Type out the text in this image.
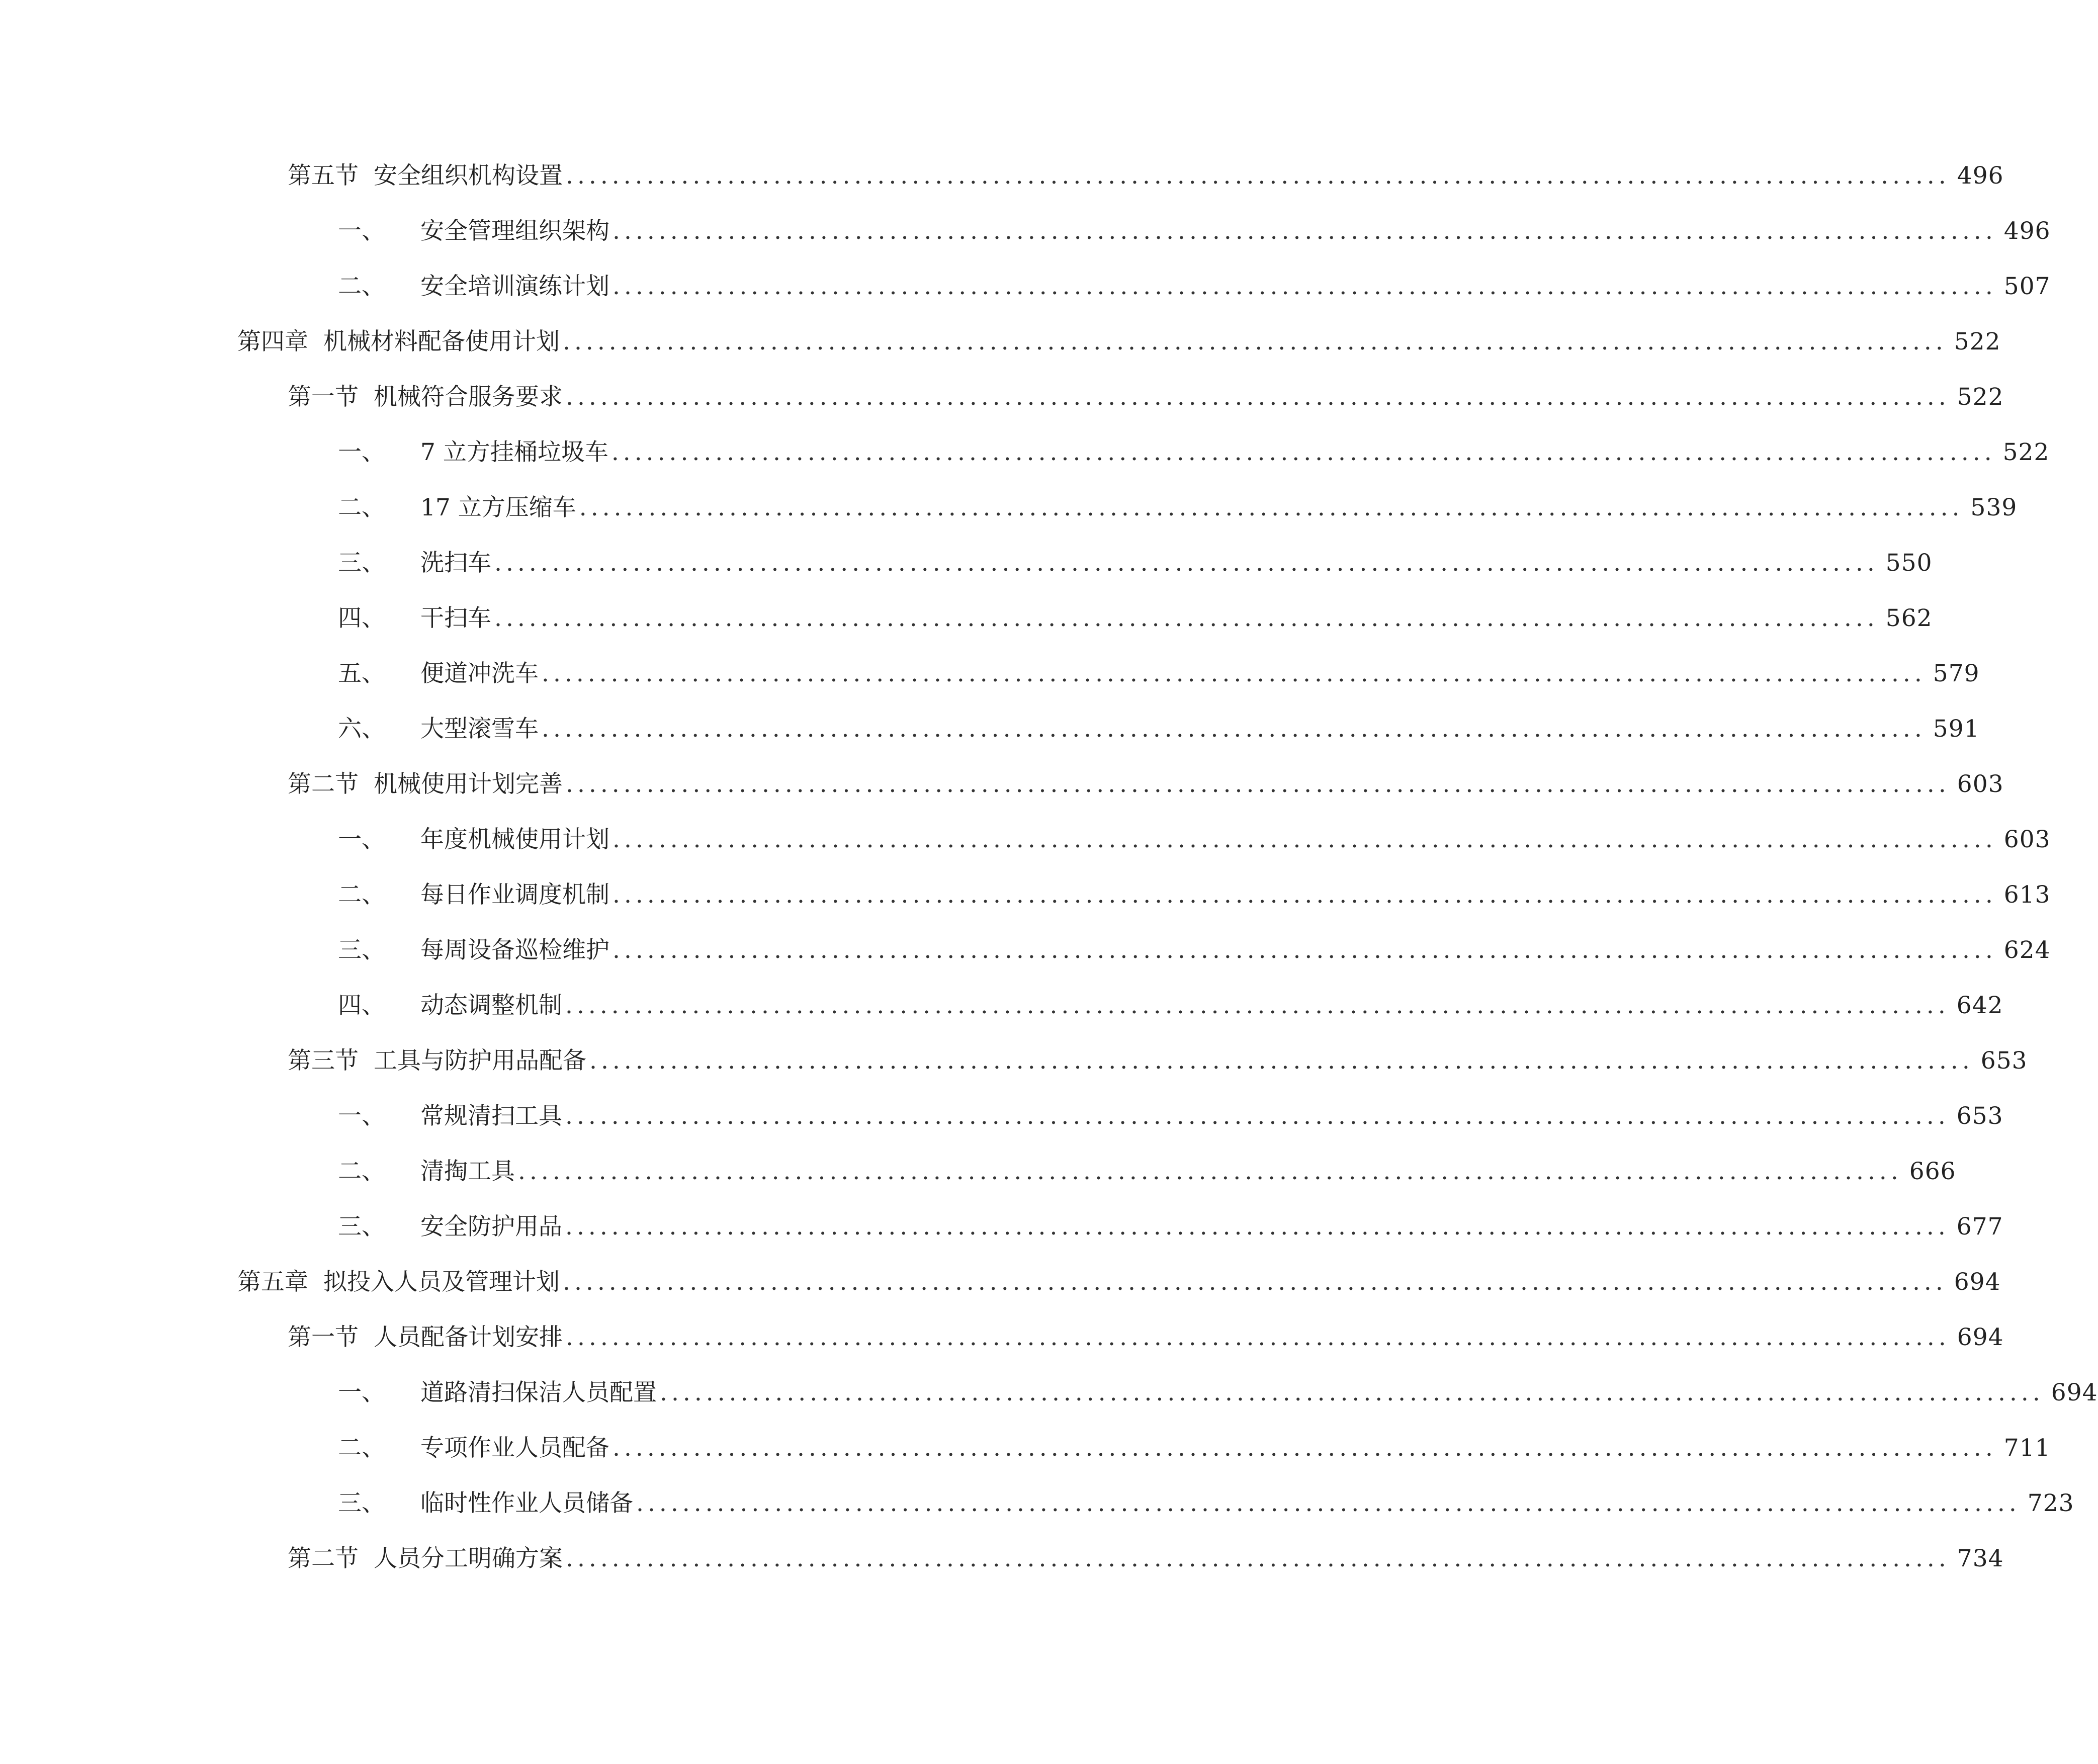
第五节 安全组织机构设置 ........................................................................................................................ 496
一、 安全管理组织架构 ........................................................................................................................ 496
二、 安全培训演练计划 ........................................................................................................................ 507
第四章 机械材料配备使用计划 ........................................................................................................................ 522
第一节 机械符合服务要求 ........................................................................................................................ 522
一、 7 立方挂桶垃圾车 ........................................................................................................................ 522
二、 17 立方压缩车 ........................................................................................................................ 539
三、 洗扫车 ........................................................................................................................ 550
四、 干扫车 ........................................................................................................................ 562
五、 便道冲洗车 ........................................................................................................................ 579
六、 大型滚雪车 ........................................................................................................................ 591
第二节 机械使用计划完善 ........................................................................................................................ 603
一、 年度机械使用计划 ........................................................................................................................ 603
二、 每日作业调度机制 ........................................................................................................................ 613
三、 每周设备巡检维护 ........................................................................................................................ 624
四、 动态调整机制 ........................................................................................................................ 642
第三节 工具与防护用品配备 ........................................................................................................................ 653
一、 常规清扫工具 ........................................................................................................................ 653
二、 清掏工具 ........................................................................................................................ 666
三、 安全防护用品 ........................................................................................................................ 677
第五章 拟投入人员及管理计划 ........................................................................................................................ 694
第一节 人员配备计划安排 ........................................................................................................................ 694
一、 道路清扫保洁人员配置 ........................................................................................................................ 694
二、 专项作业人员配备 ........................................................................................................................ 711
三、 临时性作业人员储备 ........................................................................................................................ 723
第二节 人员分工明确方案 ........................................................................................................................ 734
